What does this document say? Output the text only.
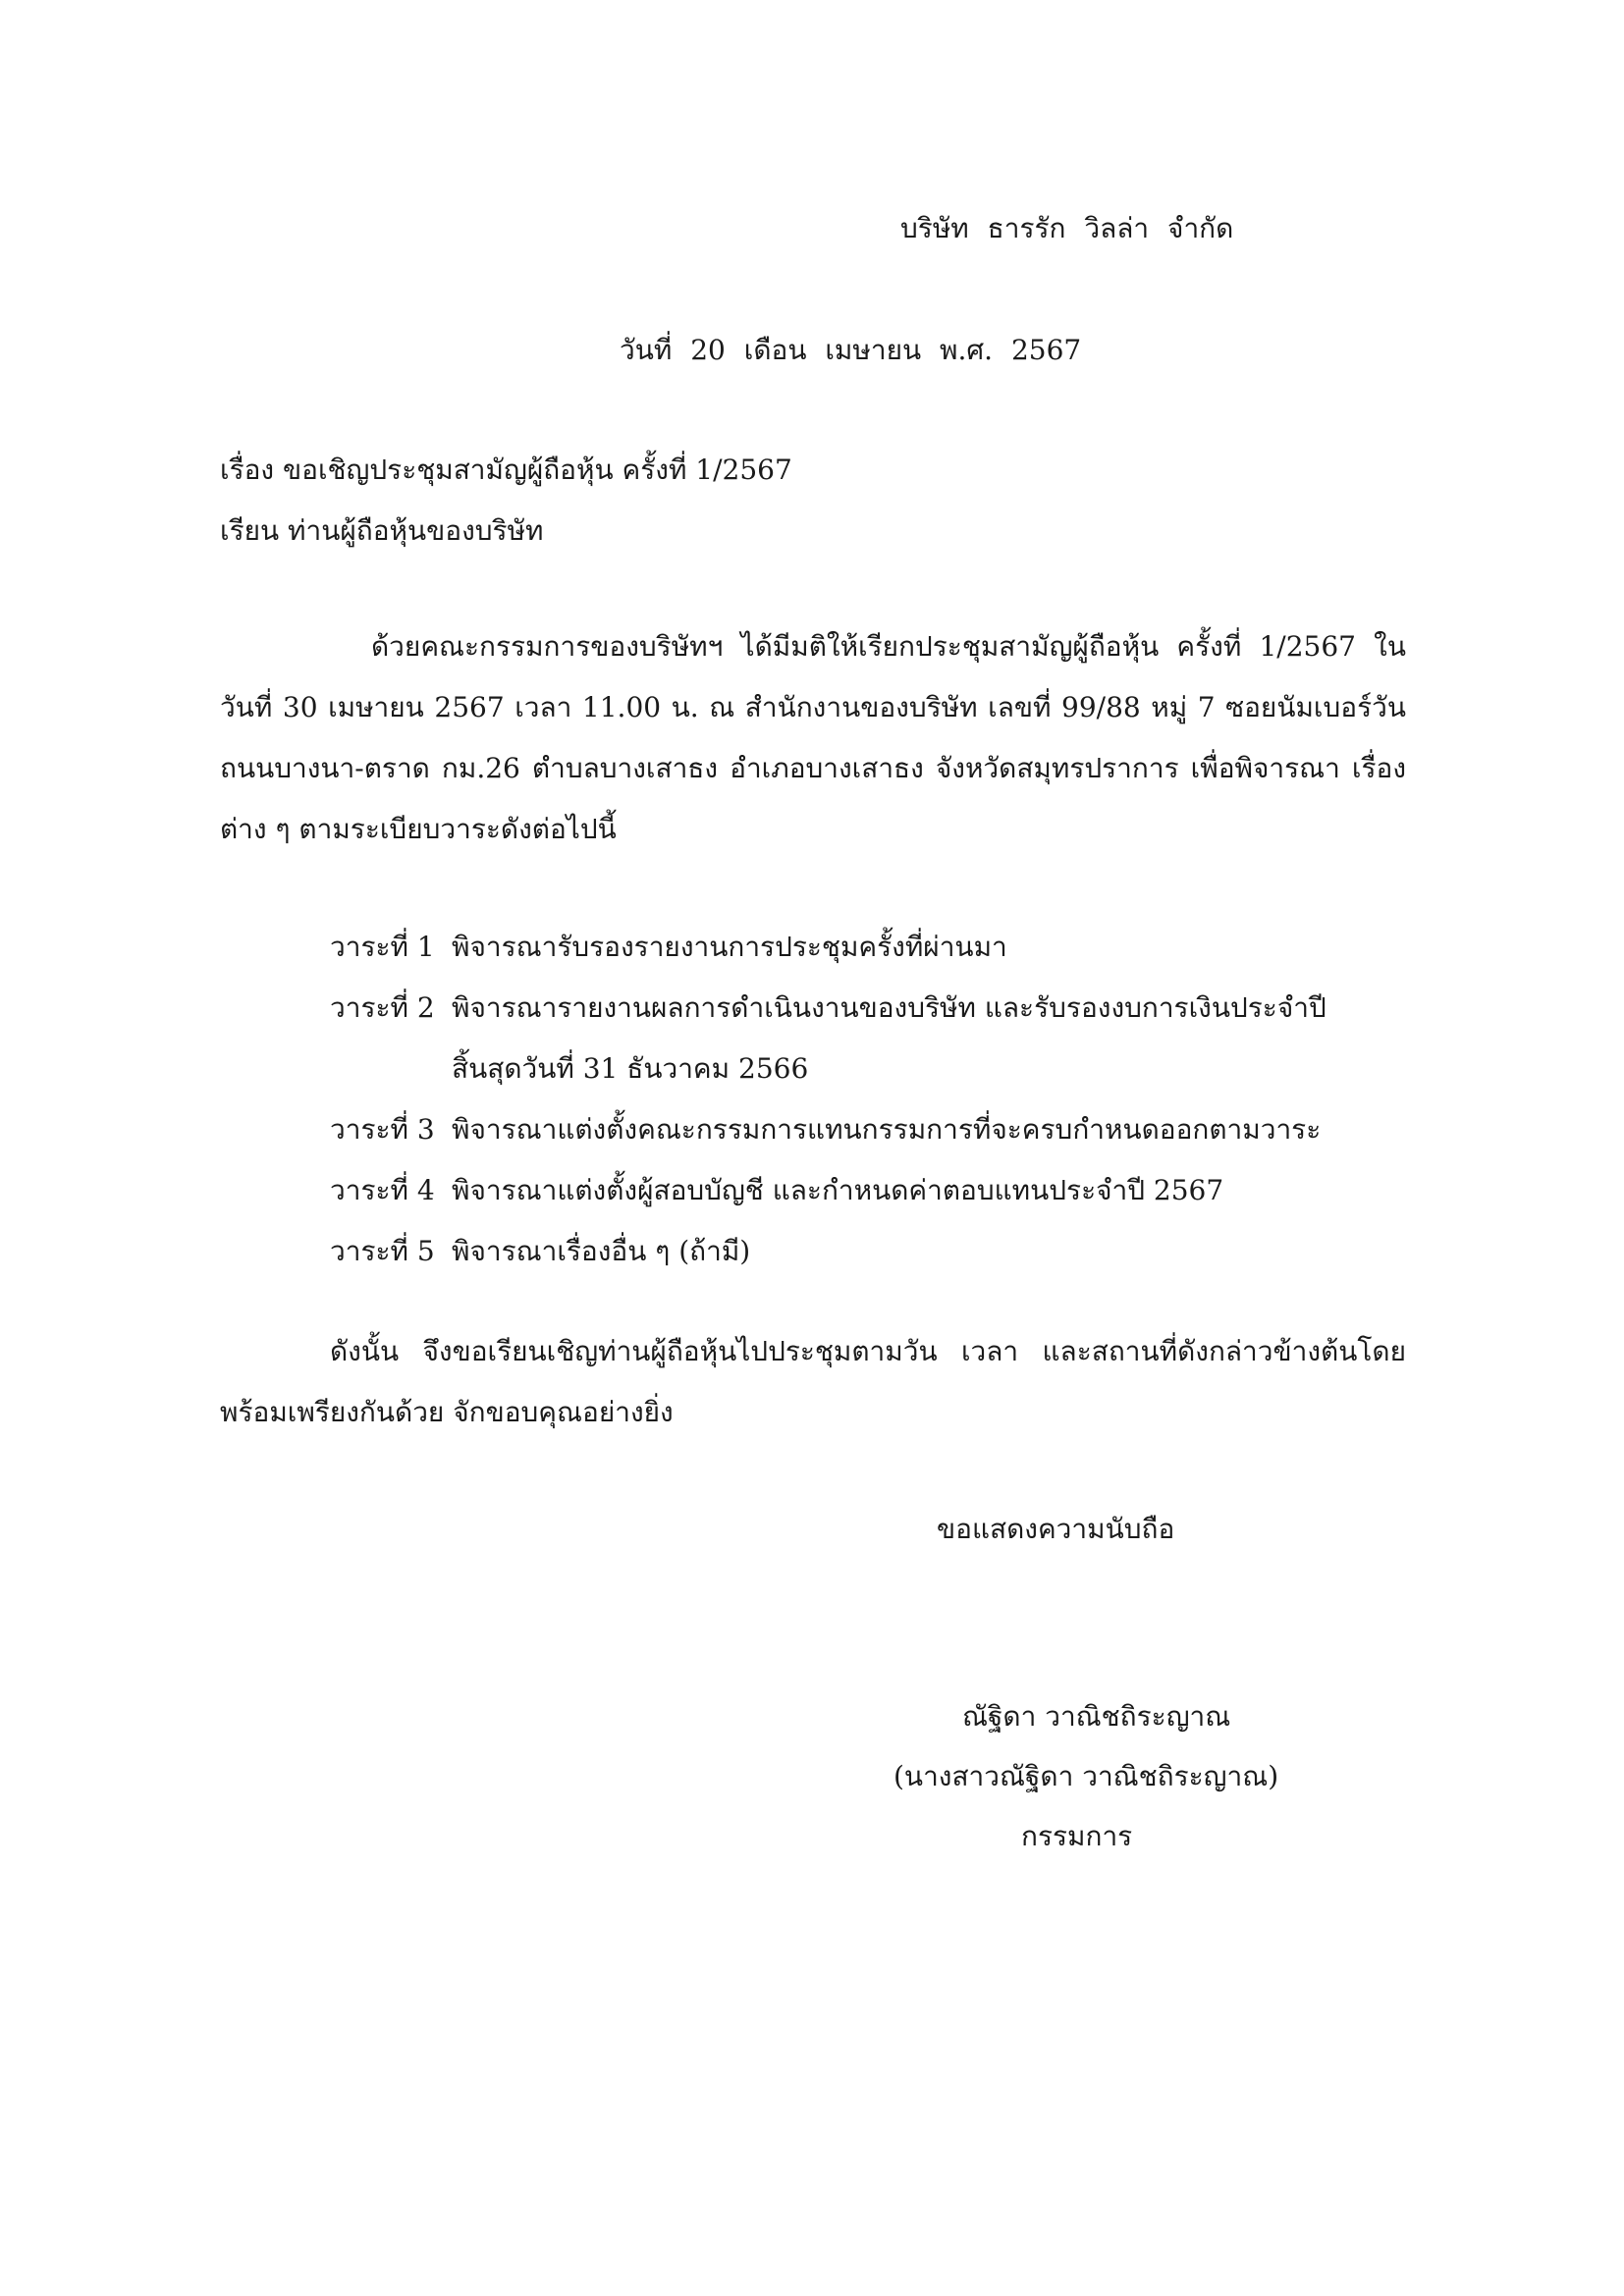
บริษัท ธารรัก วิลล่า จำกัด
วันที่ 20 เดือน เมษายน พ.ศ. 2567
เรื่อง ขอเชิญประชุมสามัญผู้ถือหุ้น ครั้งที่ 1/2567
เรียน ท่านผู้ถือหุ้นของบริษัท
ด้วยคณะกรรมการของบริษัทฯ ได้มีมติให้เรียกประชุมสามัญผู้ถือหุ้น ครั้งที่ 1/2567 ใน วันที่ 30 เมษายน 2567 เวลา 11.00 น. ณ สำนักงานของบริษัท เลขที่ 99/88 หมู่ 7 ซอยนัมเบอร์วัน ถนนบางนา-ตราด กม.26 ตำบลบางเสาธง อำเภอบางเสาธง จังหวัดสมุทรปราการ เพื่อพิจารณา เรื่องต่าง ๆ ตามระเบียบวาระดังต่อไปนี้
วาระที่ 1 พิจารณารับรองรายงานการประชุมครั้งที่ผ่านมา
วาระที่ 2 พิจารณารายงานผลการดำเนินงานของบริษัท และรับรองงบการเงินประจำปี
สิ้นสุดวันที่ 31 ธันวาคม 2566
วาระที่ 3 พิจารณาแต่งตั้งคณะกรรมการแทนกรรมการที่จะครบกำหนดออกตามวาระ
วาระที่ 4 พิจารณาแต่งตั้งผู้สอบบัญชี และกำหนดค่าตอบแทนประจำปี 2567
วาระที่ 5 พิจารณาเรื่องอื่น ๆ (ถ้ามี)
ดังนั้น จึงขอเรียนเชิญท่านผู้ถือหุ้นไปประชุมตามวัน เวลา และสถานที่ดังกล่าวข้างต้นโดย พร้อมเพรียงกันด้วย จักขอบคุณอย่างยิ่ง
ขอแสดงความนับถือ
ณัฐิดา วาณิชถิระญาณ
(นางสาวณัฐิดา วาณิชถิระญาณ)
กรรมการ
